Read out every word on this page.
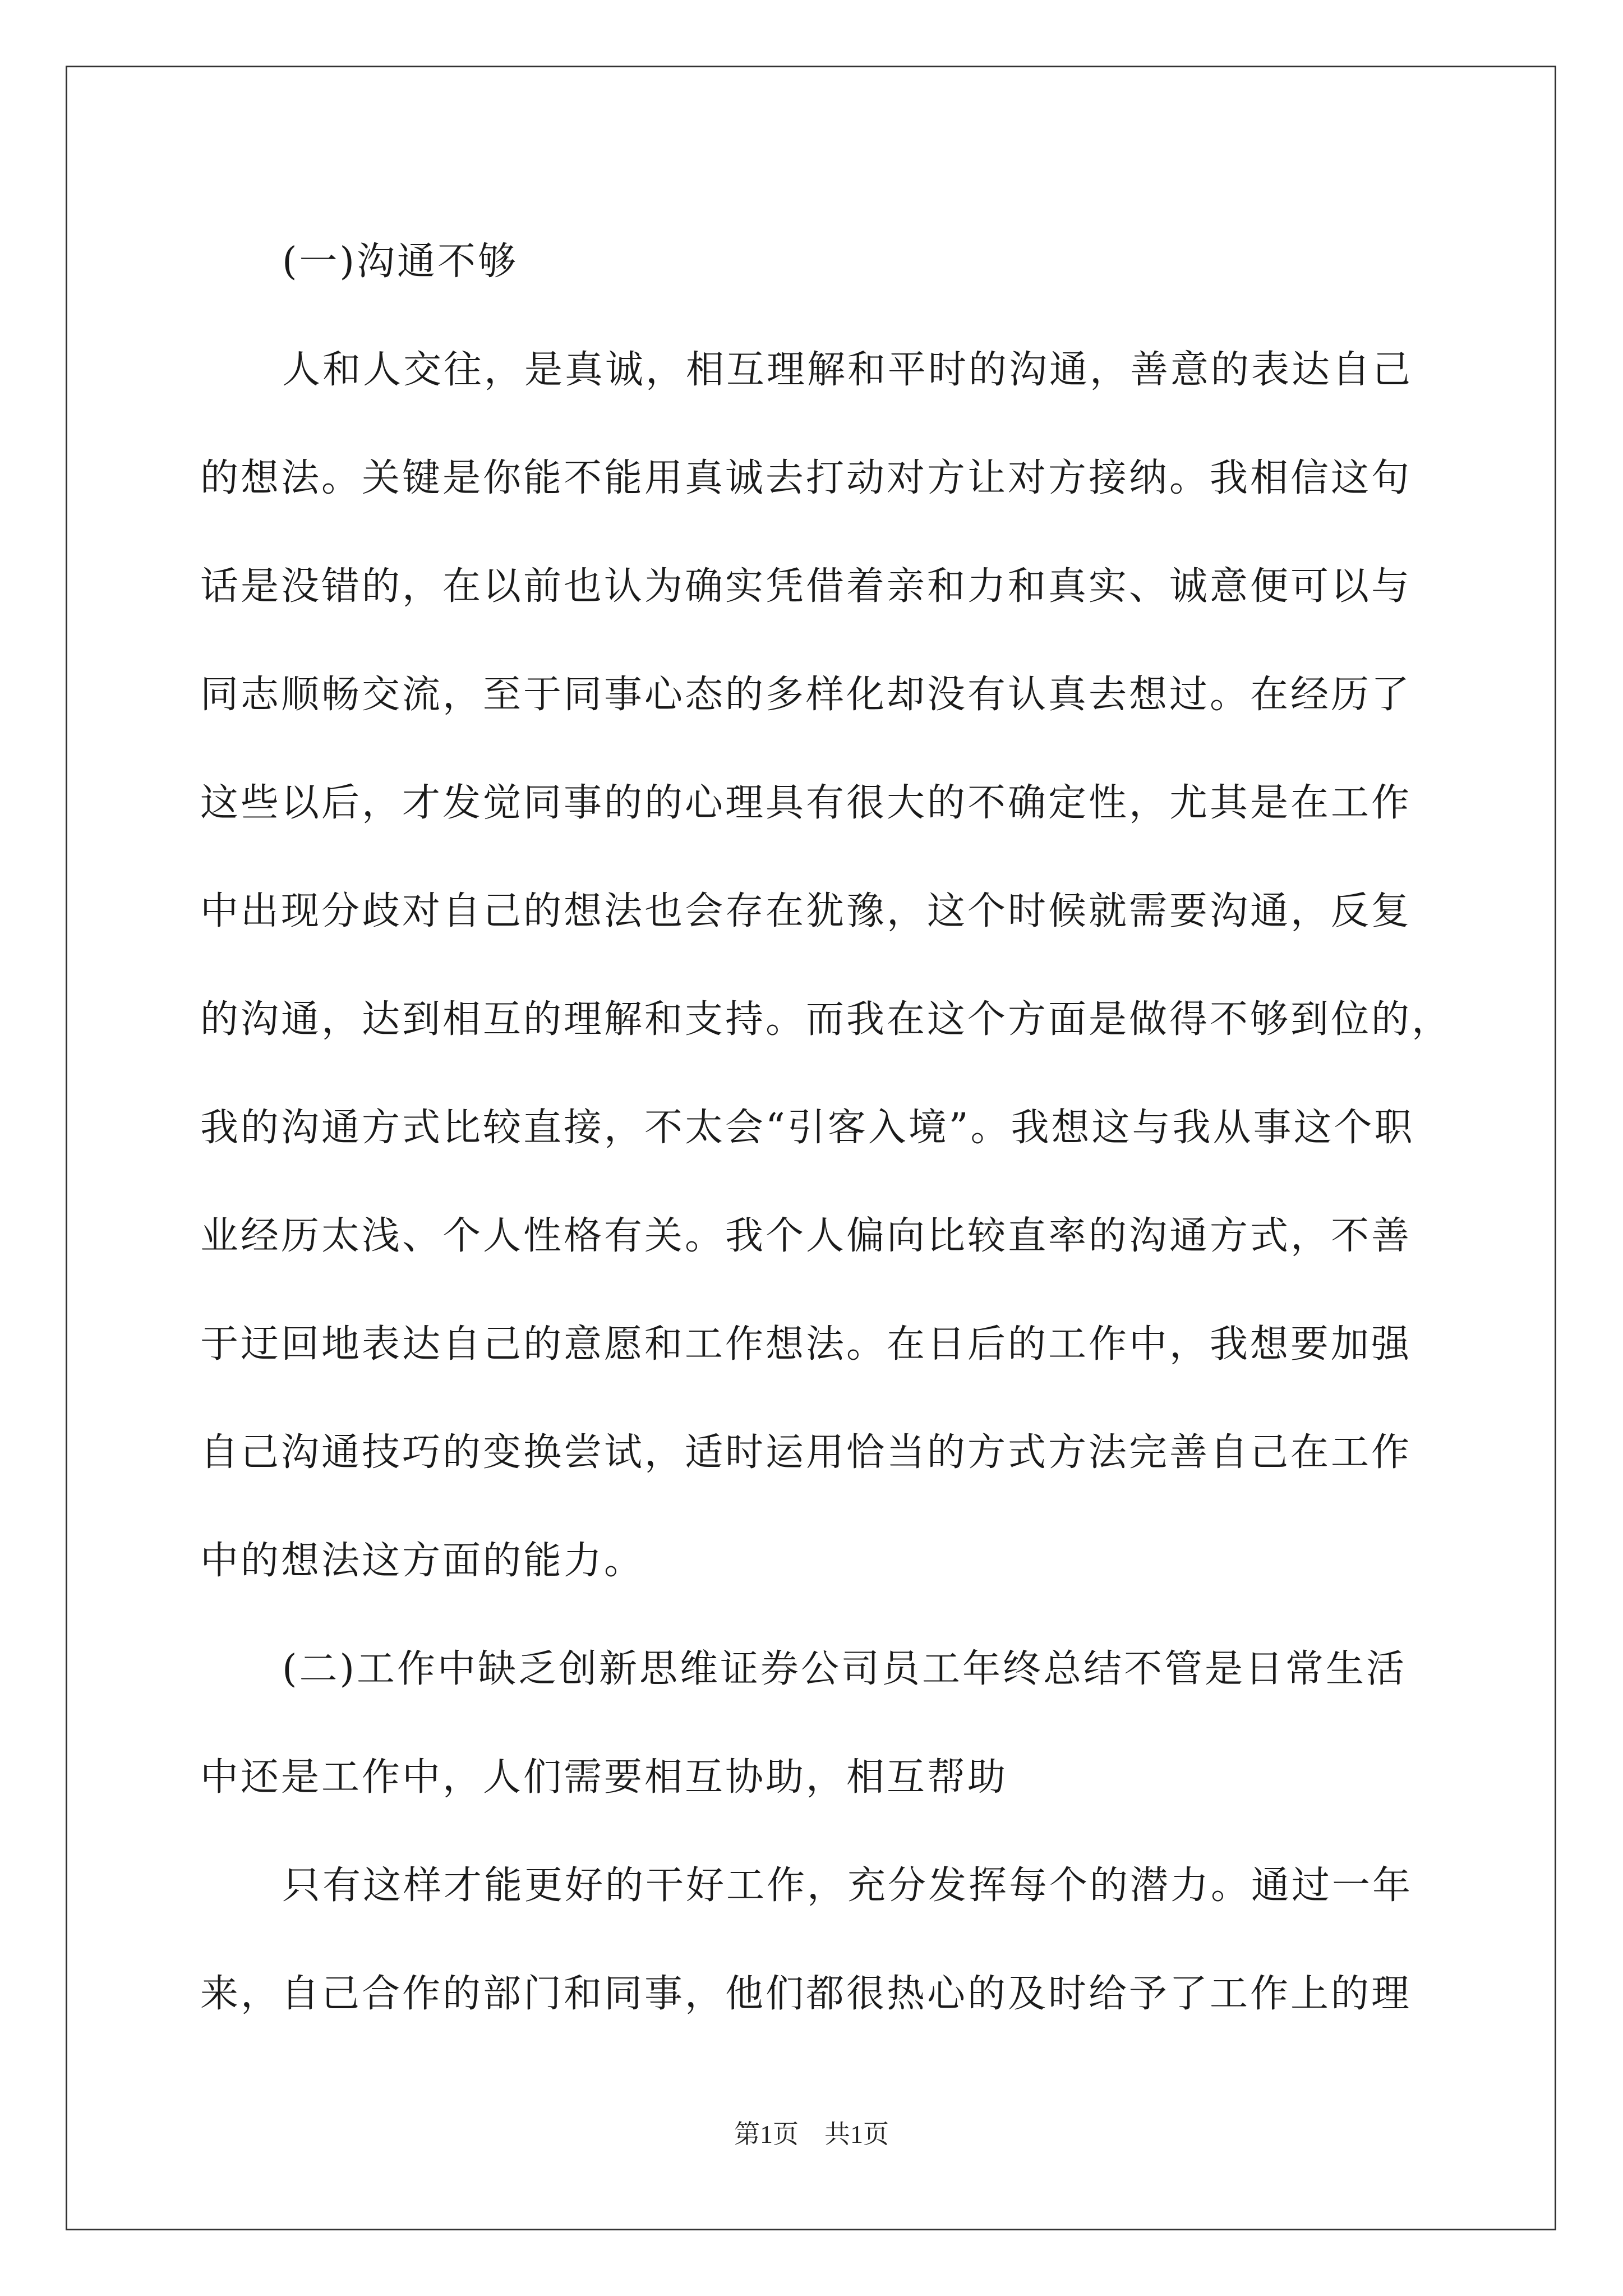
(一)沟通不够

人和人交往，是真诚，相互理解和平时的沟通，善意的表达自己
的想法。关键是你能不能用真诚去打动对方让对方接纳。我相信这句
话是没错的，在以前也认为确实凭借着亲和力和真实、诚意便可以与
同志顺畅交流，至于同事心态的多样化却没有认真去想过。在经历了
这些以后，才发觉同事的的心理具有很大的不确定性，尤其是在工作
中出现分歧对自己的想法也会存在犹豫，这个时候就需要沟通，反复
的沟通，达到相互的理解和支持。而我在这个方面是做得不够到位的，
我的沟通方式比较直接，不太会“引客入境”。我想这与我从事这个职
业经历太浅、个人性格有关。我个人偏向比较直率的沟通方式，不善
于迂回地表达自己的意愿和工作想法。在日后的工作中，我想要加强
自己沟通技巧的变换尝试，适时运用恰当的方式方法完善自己在工作
中的想法这方面的能力。

(二)工作中缺乏创新思维证券公司员工年终总结不管是日常生活
中还是工作中，人们需要相互协助，相互帮助

只有这样才能更好的干好工作，充分发挥每个的潜力。通过一年
来，自己合作的部门和同事，他们都很热心的及时给予了工作上的理

第1页　共1页
